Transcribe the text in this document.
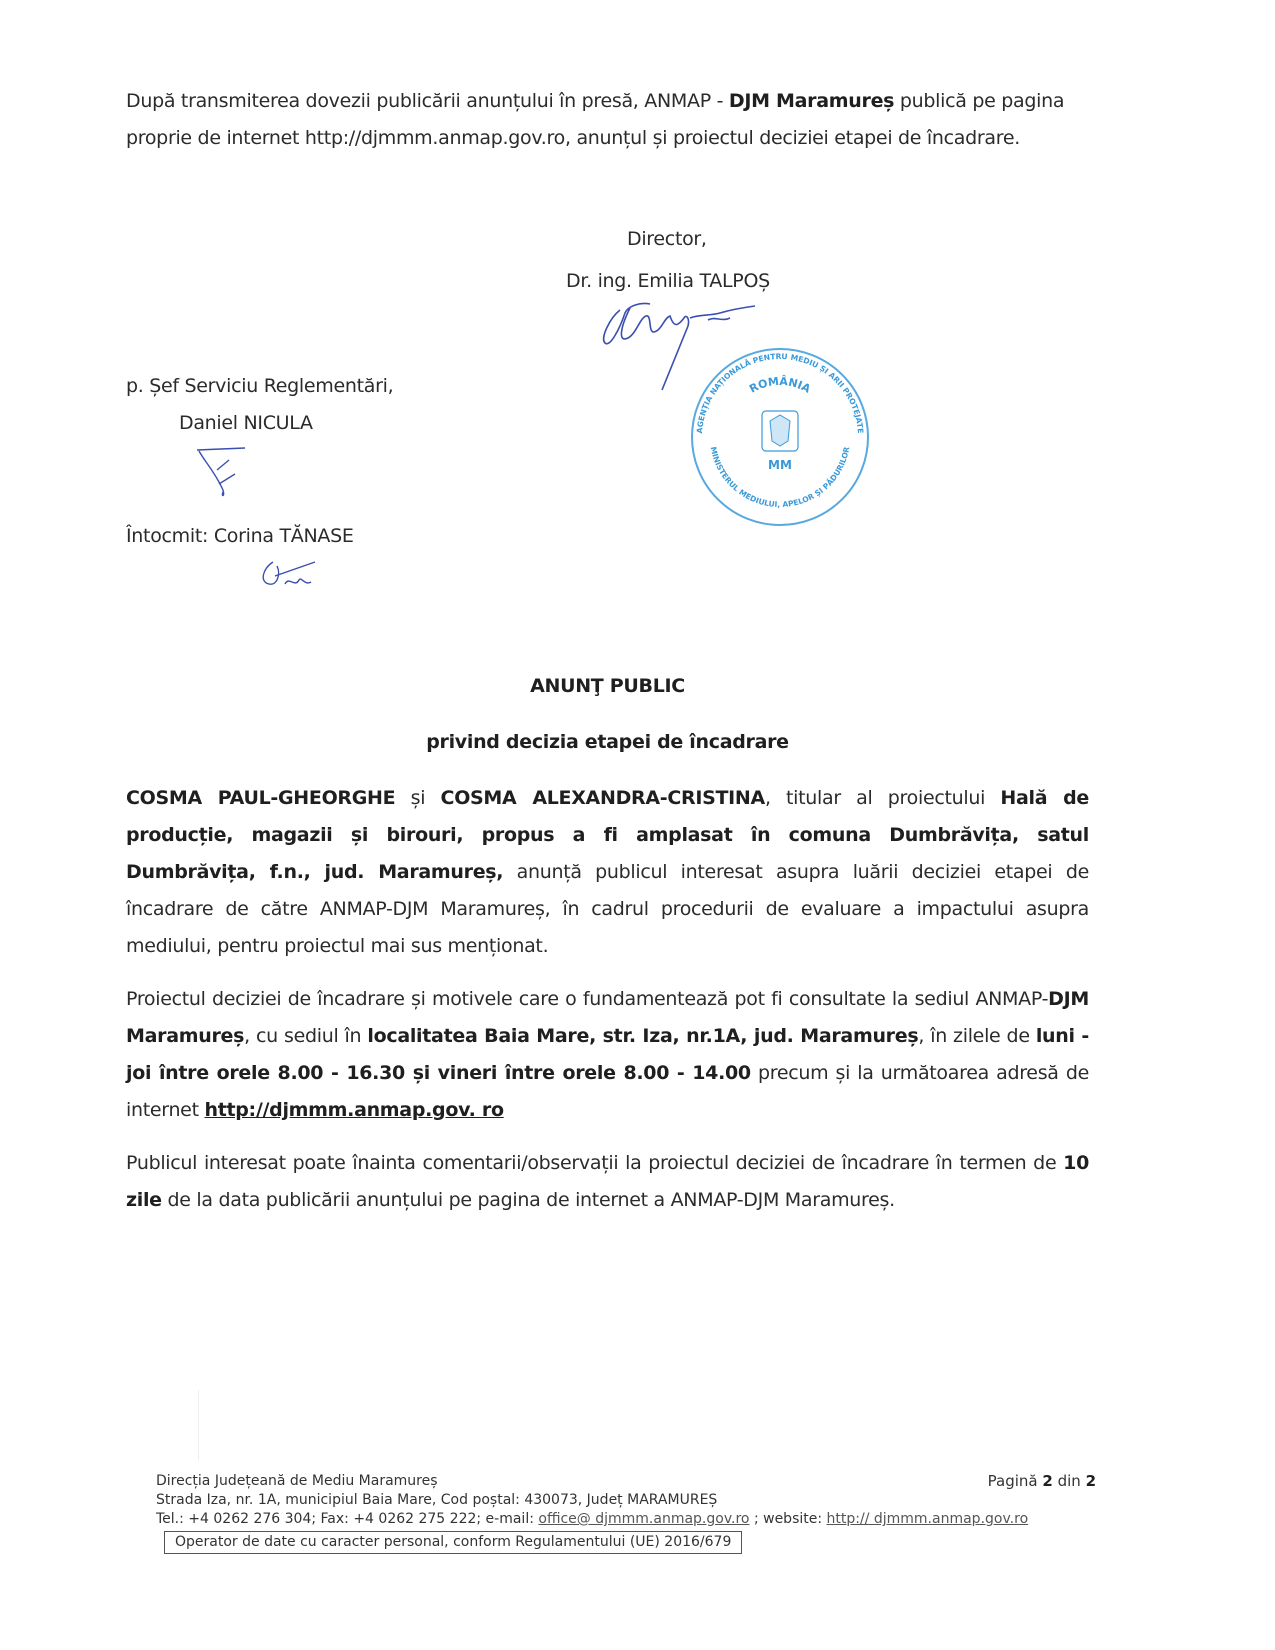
După transmiterea dovezii publicării anunțului în presă, ANMAP - DJM Maramureș publică pe pagina
proprie de internet http://djmmm.anmap.gov.ro, anunțul și proiectul deciziei etapei de încadrare.
Director,
Dr. ing. Emilia TALPOȘ
AGENȚIA NAȚIONALĂ PENTRU MEDIU ȘI ARII PROTEJATE
ROMÂNIA
MINISTERUL MEDIULUI, APELOR ȘI PĂDURILOR
MM
p. Șef Serviciu Reglementări,
Daniel NICULA
Întocmit: Corina TĂNASE
ANUNŢ PUBLIC
privind decizia etapei de încadrare
COSMA PAUL-GHEORGHE și COSMA ALEXANDRA-CRISTINA, titular al proiectului Hală de producție, magazii și birouri, propus a fi amplasat în comuna Dumbrăvița, satul Dumbrăvița, f.n., jud. Maramureș, anunță publicul interesat asupra luării deciziei etapei de încadrare de către ANMAP-DJM Maramureș, în cadrul procedurii de evaluare a impactului asupra mediului, pentru proiectul mai sus menționat.
Proiectul deciziei de încadrare și motivele care o fundamentează pot fi consultate la sediul ANMAP-DJM Maramureș, cu sediul în localitatea Baia Mare, str. Iza, nr.1A, jud. Maramureș, în zilele de luni - joi între orele 8.00 - 16.30 și vineri între orele 8.00 - 14.00 precum și la următoarea adresă de internet http://djmmm.anmap.gov. ro
Publicul interesat poate înainta comentarii/observații la proiectul deciziei de încadrare în termen de 10 zile de la data publicării anunțului pe pagina de internet a ANMAP-DJM Maramureș.
Pagină 2 din 2
Direcția Județeană de Mediu Maramureș
Strada Iza, nr. 1A, municipiul Baia Mare, Cod poștal: 430073, Județ MARAMUREȘ
Tel.: +4 0262 276 304; Fax: +4 0262 275 222; e-mail: office@ djmmm.anmap.gov.ro ; website: http:// djmmm.anmap.gov.ro
Operator de date cu caracter personal, conform Regulamentului (UE) 2016/679
